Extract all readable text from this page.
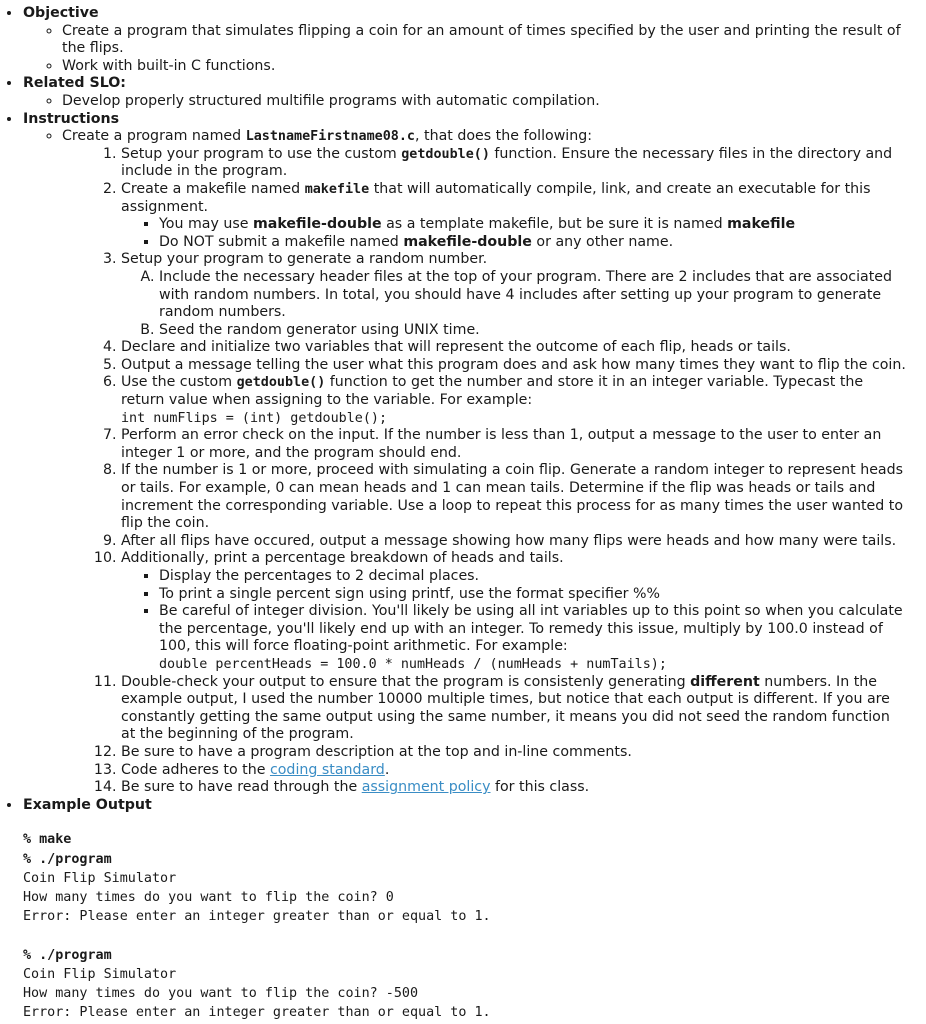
• Objective
◦ Create a program that simulates flipping a coin for an amount of times specified by the user and printing the result of the flips.
◦ Work with built-in C functions.
• Related SLO:
◦ Develop properly structured multifile programs with automatic compilation.
• Instructions
◦ Create a program named LastnameFirstname08.c, that does the following:
1. Setup your program to use the custom getdouble() function. Ensure the necessary files in the directory and include in the program.
2. Create a makefile named makefile that will automatically compile, link, and create an executable for this assignment.
▪ You may use makefile-double as a template makefile, but be sure it is named makefile
▪ Do NOT submit a makefile named makefile-double or any other name.
3. Setup your program to generate a random number.
A. Include the necessary header files at the top of your program. There are 2 includes that are associated with random numbers. In total, you should have 4 includes after setting up your program to generate random numbers.
B. Seed the random generator using UNIX time.
4. Declare and initialize two variables that will represent the outcome of each flip, heads or tails.
5. Output a message telling the user what this program does and ask how many times they want to flip the coin.
6. Use the custom getdouble() function to get the number and store it in an integer variable. Typecast the return value when assigning to the variable. For example:
int numFlips = (int) getdouble();
7. Perform an error check on the input. If the number is less than 1, output a message to the user to enter an integer 1 or more, and the program should end.
8. If the number is 1 or more, proceed with simulating a coin flip. Generate a random integer to represent heads or tails. For example, 0 can mean heads and 1 can mean tails. Determine if the flip was heads or tails and increment the corresponding variable. Use a loop to repeat this process for as many times the user wanted to flip the coin.
9. After all flips have occured, output a message showing how many flips were heads and how many were tails.
10. Additionally, print a percentage breakdown of heads and tails.
▪ Display the percentages to 2 decimal places.
▪ To print a single percent sign using printf, use the format specifier %%
▪ Be careful of integer division. You'll likely be using all int variables up to this point so when you calculate the percentage, you'll likely end up with an integer. To remedy this issue, multiply by 100.0 instead of 100, this will force floating-point arithmetic. For example:
double percentHeads = 100.0 * numHeads / (numHeads + numTails);
11. Double-check your output to ensure that the program is consistenly generating different numbers. In the example output, I used the number 10000 multiple times, but notice that each output is different. If you are constantly getting the same output using the same number, it means you did not seed the random function at the beginning of the program.
12. Be sure to have a program description at the top and in-line comments.
13. Code adheres to the coding standard.
14. Be sure to have read through the assignment policy for this class.
• Example Output
% make
% ./program
Coin Flip Simulator
How many times do you want to flip the coin? 0
Error: Please enter an integer greater than or equal to 1.

% ./program
Coin Flip Simulator
How many times do you want to flip the coin? -500
Error: Please enter an integer greater than or equal to 1.
